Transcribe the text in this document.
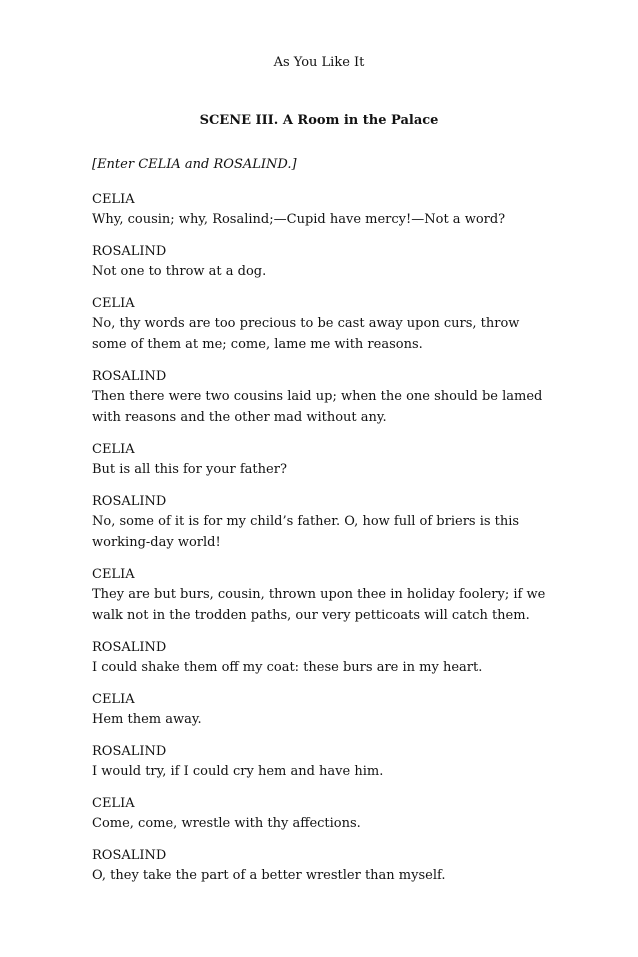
As You Like It
SCENE III. A Room in the Palace
[Enter CELIA and ROSALIND.]
CELIA
Why, cousin; why, Rosalind;—Cupid have mercy!—Not a word?
ROSALIND
Not one to throw at a dog.
CELIA
No, thy words are too precious to be cast away upon curs, throw
some of them at me; come, lame me with reasons.
ROSALIND
Then there were two cousins laid up; when the one should be lamed
with reasons and the other mad without any.
CELIA
But is all this for your father?
ROSALIND
No, some of it is for my child’s father. O, how full of briers is this
working-day world!
CELIA
They are but burs, cousin, thrown upon thee in holiday foolery; if we
walk not in the trodden paths, our very petticoats will catch them.
ROSALIND
I could shake them off my coat: these burs are in my heart.
CELIA
Hem them away.
ROSALIND
I would try, if I could cry hem and have him.
CELIA
Come, come, wrestle with thy affections.
ROSALIND
O, they take the part of a better wrestler than myself.
